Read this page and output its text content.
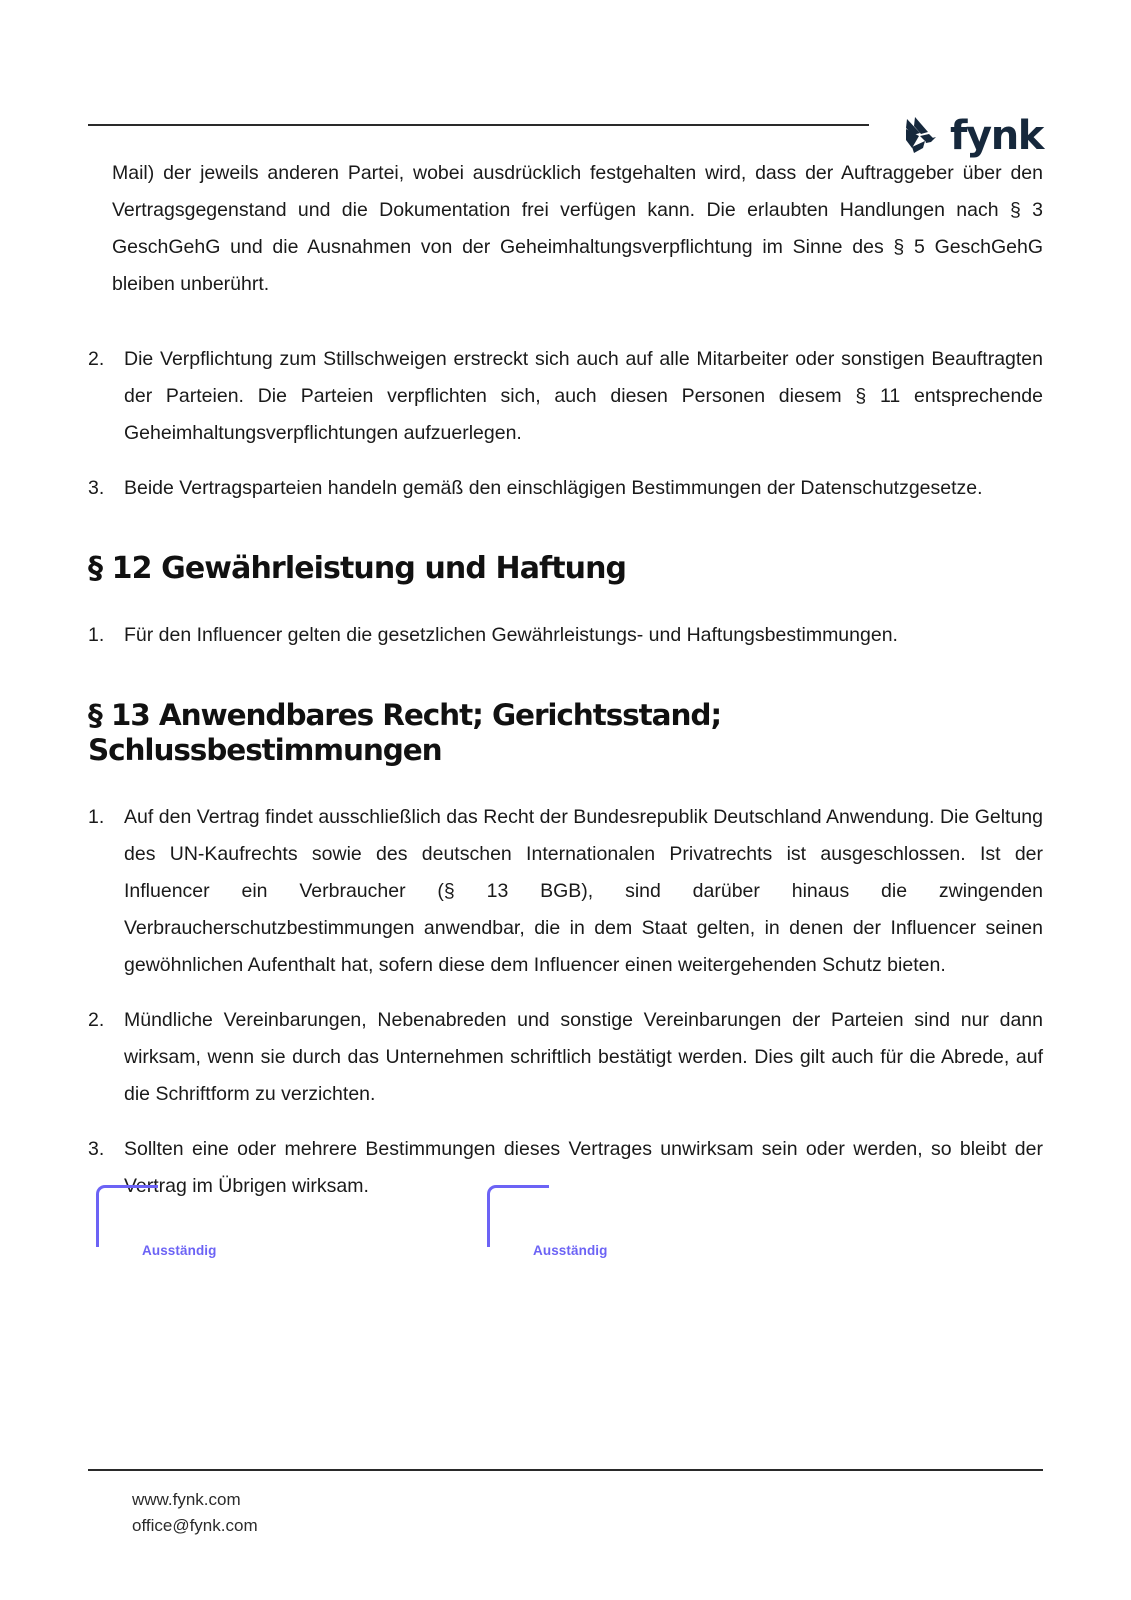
fynk

Mail) der jeweils anderen Partei, wobei ausdrücklich festgehalten wird, dass der Auftraggeber über den Vertragsgegenstand und die Dokumentation frei verfügen kann. Die erlaubten Handlungen nach § 3 GeschGehG und die Ausnahmen von der Geheimhaltungsverpflichtung im Sinne des § 5 GeschGehG bleiben unberührt.

2.	Die Verpflichtung zum Stillschweigen erstreckt sich auch auf alle Mitarbeiter oder sonstigen Beauftragten der Parteien. Die Parteien verpflichten sich, auch diesen Personen diesem § 11 entsprechende Geheimhaltungsverpflichtungen aufzuerlegen.
3.	Beide Vertragsparteien handeln gemäß den einschlägigen Bestimmungen der Datenschutzgesetze.
§ 12 Gewährleistung und Haftung
1.	Für den Influencer gelten die gesetzlichen Gewährleistungs- und Haftungsbestimmungen.
§ 13 Anwendbares Recht; Gerichtsstand; Schlussbestimmungen
1.	Auf den Vertrag findet ausschließlich das Recht der Bundesrepublik Deutschland Anwendung. Die Geltung des UN-Kaufrechts sowie des deutschen Internationalen Privatrechts ist ausgeschlossen. Ist der Influencer ein Verbraucher (§ 13 BGB), sind darüber hinaus die zwingenden Verbraucherschutzbestimmungen anwendbar, die in dem Staat gelten, in denen der Influencer seinen gewöhnlichen Aufenthalt hat, sofern diese dem Influencer einen weitergehenden Schutz bieten.
2.	Mündliche Vereinbarungen, Nebenabreden und sonstige Vereinbarungen der Parteien sind nur dann wirksam, wenn sie durch das Unternehmen schriftlich bestätigt werden. Dies gilt auch für die Abrede, auf die Schriftform zu verzichten.
3.	Sollten eine oder mehrere Bestimmungen dieses Vertrages unwirksam sein oder werden, so bleibt der Vertrag im Übrigen wirksam.
Ausständig	Ausständig
www.fynk.com
office@fynk.com
